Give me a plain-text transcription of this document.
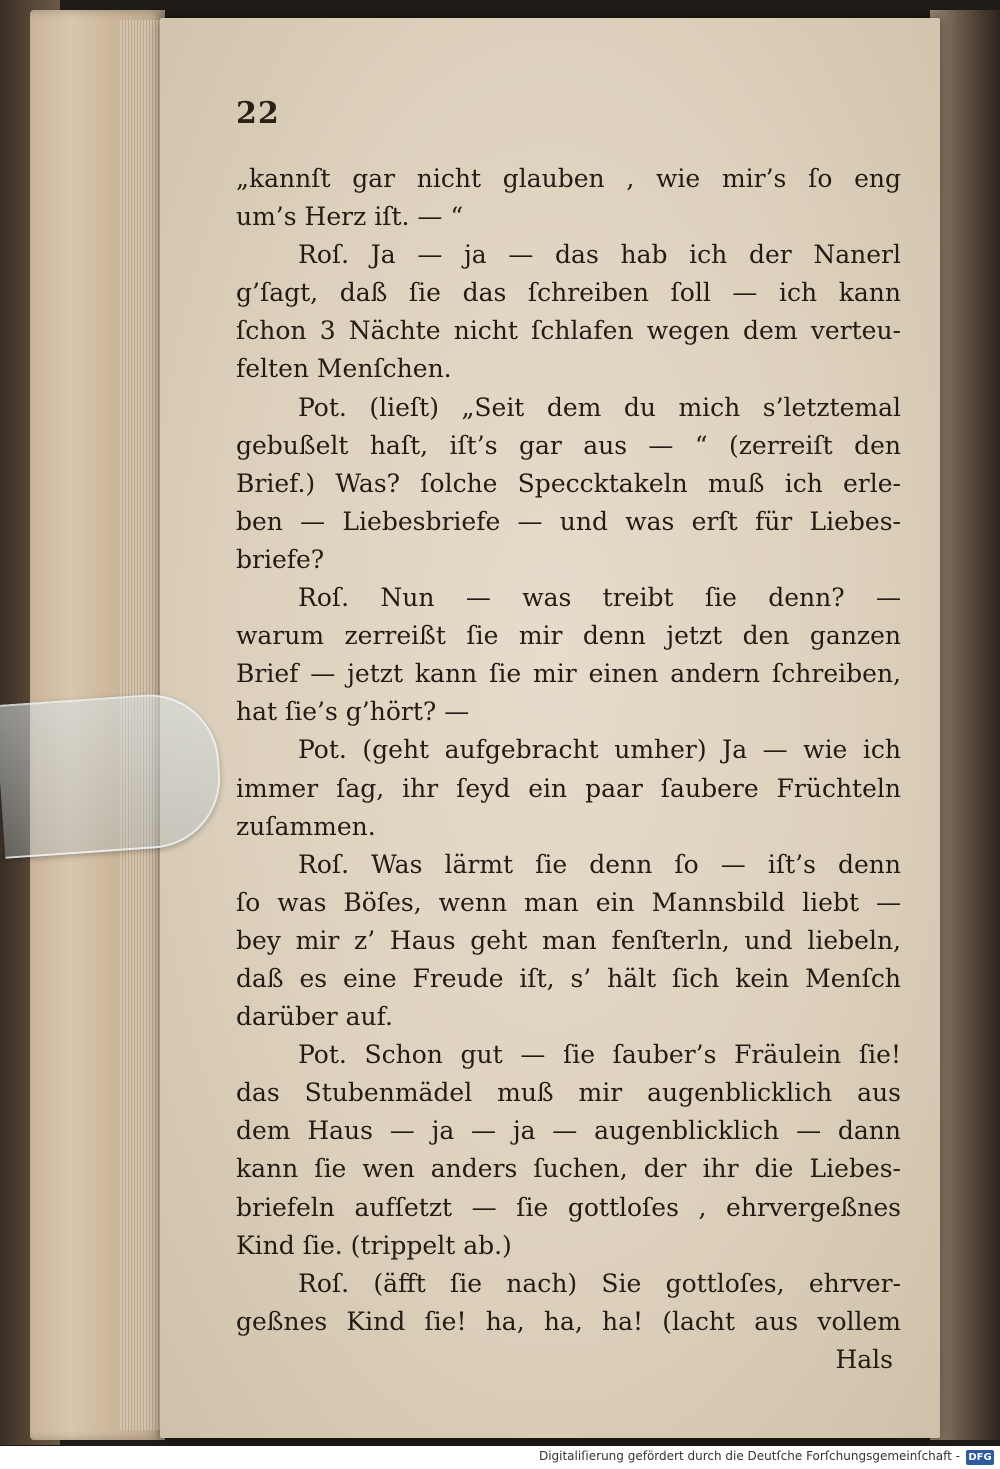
22
„kannſt gar nicht glauben , wie mir’s ſo eng
um’s Herz iſt. — “
Roſ. Ja — ja — das hab ich der Nanerl
g’ſagt, daß ſie das ſchreiben ſoll — ich kann
ſchon 3 Nächte nicht ſchlafen wegen dem verteu-
felten Menſchen.
Pot. (lieſt) „Seit dem du mich s’letztemal
gebußelt haſt, iſt’s gar aus — “ (zerreiſt den
Brief.) Was? ſolche Speccktakeln muß ich erle-
ben — Liebesbriefe — und was erſt für Liebes-
briefe?
Roſ. Nun — was treibt ſie denn? —
warum zerreißt ſie mir denn jetzt den ganzen
Brief — jetzt kann ſie mir einen andern ſchreiben,
hat ſie’s g’hört? —
Pot. (geht aufgebracht umher) Ja — wie ich
immer ſag, ihr ſeyd ein paar ſaubere Früchteln
zuſammen.
Roſ. Was lärmt ſie denn ſo — iſt’s denn
ſo was Böſes, wenn man ein Mannsbild liebt —
bey mir z’ Haus geht man fenſterln, und liebeln,
daß es eine Freude iſt, s’ hält ſich kein Menſch
darüber auf.
Pot. Schon gut — ſie ſauber’s Fräulein ſie!
das Stubenmädel muß mir augenblicklich aus
dem Haus — ja — ja — augenblicklich — dann
kann ſie wen anders ſuchen, der ihr die Liebes-
briefeln aufſetzt — ſie gottloſes , ehrvergeßnes
Kind ſie. (trippelt ab.)
Roſ. (äfft ſie nach) Sie gottloſes, ehrver-
geßnes Kind ſie! ha, ha, ha! (lacht aus vollem
Hals
Digitaliſierung gefördert durch die Deutſche Forſchungsgemeinſchaft - DFG
